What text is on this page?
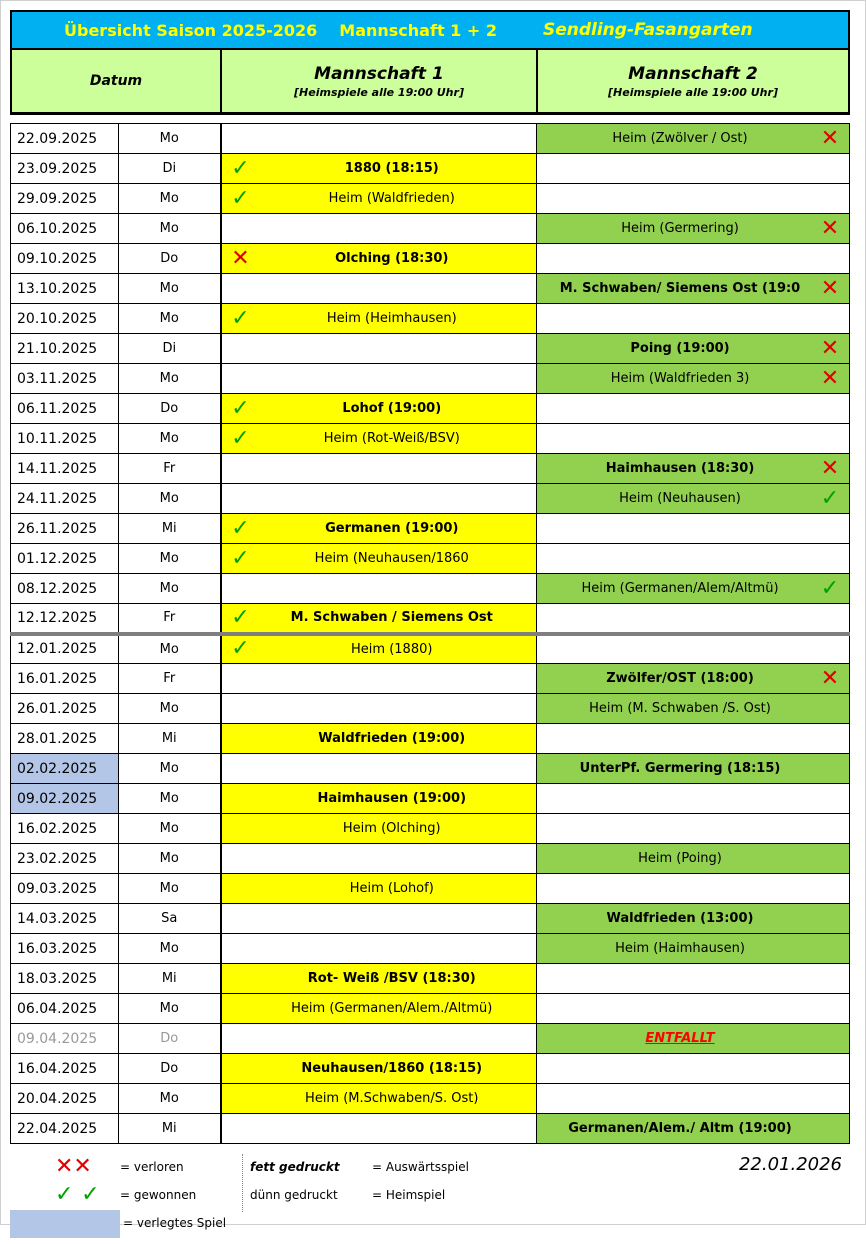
Übersicht Saison 2025-2026 Mannschaft 1 + 2	Sendling-Fasangarten
Datum	Mannschaft 1
[Heimspiele alle 19:00 Uhr]
Mannschaft 2
[Heimspiele alle 19:00 Uhr]
22.09.2025	Mo		Heim (Zwölver / Ost) ✕

23.09.2025	Di	✓ 1880 (18:15)	

29.09.2025	Mo	✓ Heim (Waldfrieden)	

06.10.2025	Mo		Heim (Germering) ✕

09.10.2025	Do	✕ Olching (18:30)	

13.10.2025	Mo		M. Schwaben/ Siemens Ost (19:0 ✕

20.10.2025	Mo	✓ Heim (Heimhausen)	

21.10.2025	Di		Poing (19:00) ✕

03.11.2025	Mo		Heim (Waldfrieden 3) ✕

06.11.2025	Do	✓ Lohof (19:00)	

10.11.2025	Mo	✓ Heim (Rot-Weiß/BSV)	

14.11.2025	Fr		Haimhausen (18:30) ✕

24.11.2025	Mo		Heim (Neuhausen) ✓

26.11.2025	Mi	✓ Germanen (19:00)	

01.12.2025	Mo	✓ Heim (Neuhausen/1860	

08.12.2025	Mo		Heim (Germanen/Alem/Altmü) ✓

12.12.2025	Fr	✓ M. Schwaben / Siemens Ost	

12.01.2025	Mo	✓ Heim (1880)	

16.01.2025	Fr		Zwölfer/OST (18:00) ✕

26.01.2025	Mo		Heim (M. Schwaben /S. Ost)

28.01.2025	Mi	Waldfrieden (19:00)	

02.02.2025	Mo		UnterPf. Germering (18:15)

09.02.2025	Mo	Haimhausen (19:00)	

16.02.2025	Mo	Heim (Olching)	

23.02.2025	Mo		Heim (Poing)

09.03.2025	Mo	Heim (Lohof)	

14.03.2025	Sa		Waldfrieden (13:00)

16.03.2025	Mo		Heim (Haimhausen)

18.03.2025	Mi	Rot- Weiß /BSV (18:30)	

06.04.2025	Mo	Heim (Germanen/Alem./Altmü)	

09.04.2025	Do		ENTFÄLLT

16.04.2025	Do	Neuhausen/1860 (18:15)	

20.04.2025	Mo	Heim (M.Schwaben/S. Ost)	

22.04.2025	Mi		Germanen/Alem./ Altm (19:00)
✕✕ = verloren
✓ ✓ = gewonnen
= verlegtes Spiel
fett gedruckt	= Auswärtsspiel
dünn gedruckt	= Heimspiel
22.01.2026
